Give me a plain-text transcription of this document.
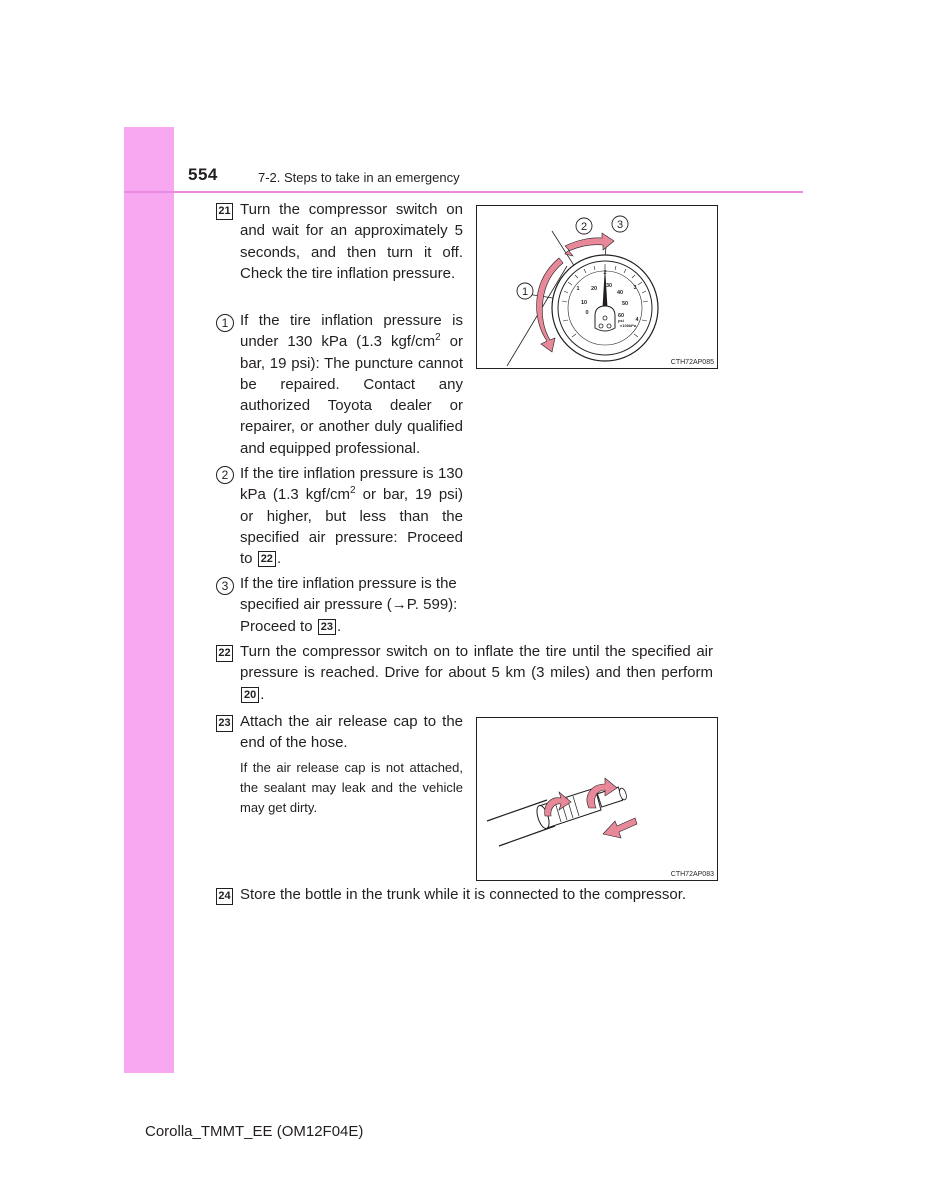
554	7-2. Steps to take in an emergency
21 Turn the compressor switch on and wait for an approximately 5 seconds, and then turn it off. Check the tire inflation pressure.
1 If the tire inflation pressure is under 130 kPa (1.3 kgf/$cm^2$ or bar, 19 psi): The puncture cannot be repaired. Contact any authorized Toyota dealer or repairer, or another duly qualified and equipped professional.
2 If the tire inflation pressure is 130 kPa (1.3 kgf/$cm^2$ or bar, 19 psi) or higher, but less than the specified air pressure: Proceed to 22 .
3 If the tire inflation pressure is the specified air pressure (→P. 599): Proceed to 23 .
22 Turn the compressor switch on to inflate the tire until the specified air pressure is reached. Drive for about 5 km (3 miles) and then perform 20 .
23 Attach the air release cap to the end of the hose.
If the air release cap is not attached, the sealant may leak and the vehicle may get dirty.
24 Store the bottle in the trunk while it is connected to the compressor.
10
20 30
40
50
60
0
1
2
3
4
psi
×100kPa
1
2	3
CTH72AP085
CTH72AP083
Corolla_TMMT_EE (OM12F04E)
